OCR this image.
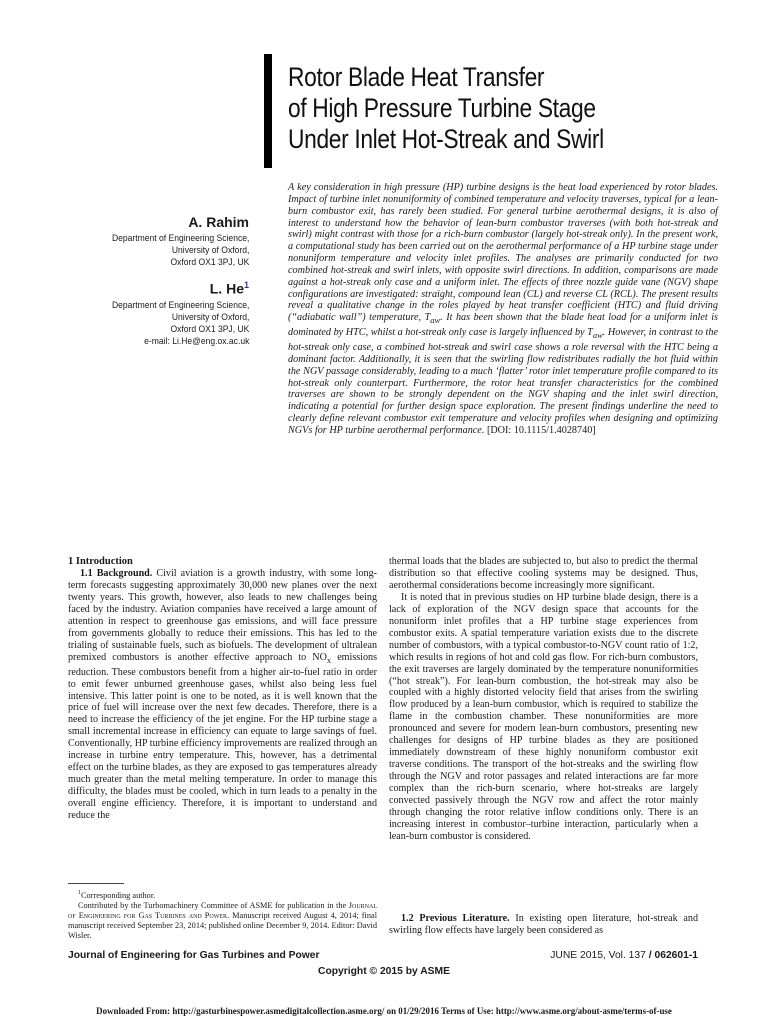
Rotor Blade Heat Transfer
of High Pressure Turbine Stage
Under Inlet Hot-Streak and Swirl
A. Rahim
Department of Engineering Science,
University of Oxford,
Oxford OX1 3PJ, UK
L. He$^1$
Department of Engineering Science,
University of Oxford,
Oxford OX1 3PJ, UK
e-mail: Li.He@eng.ox.ac.uk
A key consideration in high pressure (HP) turbine designs is the heat load experienced by rotor blades. Impact of turbine inlet nonuniformity of combined temperature and velocity traverses, typical for a lean-burn combustor exit, has rarely been studied. For general turbine aerothermal designs, it is also of interest to understand how the behavior of lean-burn combustor traverses (with both hot-streak and swirl) might contrast with those for a rich-burn combustor (largely hot-streak only). In the present work, a computational study has been carried out on the aerothermal performance of a HP turbine stage under nonuniform temperature and velocity inlet profiles. The analyses are primarily conducted for two combined hot-streak and swirl inlets, with opposite swirl directions. In addition, comparisons are made against a hot-streak only case and a uniform inlet. The effects of three nozzle guide vane (NGV) shape configurations are investigated: straight, compound lean (CL) and reverse CL (RCL). The present results reveal a qualitative change in the roles played by heat transfer coefficient (HTC) and fluid driving (“adiabatic wall”) temperature, $T_{aw}$. It has been shown that the blade heat load for a uniform inlet is dominated by HTC, whilst a hot-streak only case is largely influenced by $T_{aw}$. However, in contrast to the hot-streak only case, a combined hot-streak and swirl case shows a role reversal with the HTC being a dominant factor. Additionally, it is seen that the swirling flow redistributes radially the hot fluid within the NGV passage considerably, leading to a much ‘flatter’ rotor inlet temperature profile compared to its hot-streak only counterpart. Furthermore, the rotor heat transfer characteristics for the combined traverses are shown to be strongly dependent on the NGV shaping and the inlet swirl direction, indicating a potential for further design space exploration. The present findings underline the need to clearly define relevant combustor exit temperature and velocity profiles when designing and optimizing NGVs for HP turbine aerothermal performance. [DOI: 10.1115/1.4028740]

1 Introduction

1.1 Background. Civil aviation is a growth industry, with some long-term forecasts suggesting approximately 30,000 new planes over the next twenty years. This growth, however, also leads to new challenges being faced by the industry. Aviation companies have received a large amount of attention in respect to greenhouse gas emissions, and will face pressure from governments globally to reduce their emissions. This has led to the trialing of sustainable fuels, such as biofuels. The development of ultralean premixed combustors is another effective approach to $NO_x$ emissions reduction. These combustors benefit from a higher air-to-fuel ratio in order to emit fewer unburned greenhouse gases, whilst also being less fuel intensive. This latter point is one to be noted, as it is well known that the price of fuel will increase over the next few decades. Therefore, there is a need to increase the efficiency of the jet engine. For the HP turbine stage a small incremental increase in efficiency can equate to large savings of fuel. Conventionally, HP turbine efficiency improvements are realized through an increase in turbine entry temperature. This, however, has a detrimental effect on the turbine blades, as they are exposed to gas temperatures already much greater than the metal melting temperature. In order to manage this difficulty, the blades must be cooled, which in turn leads to a penalty in the overall engine efficiency. Therefore, it is important to understand and reduce the

thermal loads that the blades are subjected to, but also to predict the thermal distribution so that effective cooling systems may be designed. Thus, aerothermal considerations become increasingly more significant.

It is noted that in previous studies on HP turbine blade design, there is a lack of exploration of the NGV design space that accounts for the nonuniform inlet profiles that a HP turbine stage experiences from combustor exits. A spatial temperature variation exists due to the discrete number of combustors, with a typical combustor-to-NGV count ratio of 1:2, which results in regions of hot and cold gas flow. For rich-burn combustors, the exit traverses are largely dominated by the temperature nonuniformities (“hot streak”). For lean-burn combustion, the hot-streak may also be coupled with a highly distorted velocity field that arises from the swirling flow produced by a lean-burn combustor, which is required to stabilize the flame in the combustion chamber. These nonuniformities are more pronounced and severe for modern lean-burn combustors, presenting new challenges for designs of HP turbine blades as they are positioned immediately downstream of these highly nonuniform combustor exit traverse conditions. The transport of the hot-streaks and the swirling flow through the NGV and rotor passages and related interactions are far more complex than the rich-burn scenario, where hot-streaks are largely convected passively through the NGV row and affect the rotor mainly through changing the rotor relative inflow conditions only. There is an increasing interest in combustor–turbine interaction, particularly when a lean-burn combustor is considered.

1.2 Previous Literature. In existing open literature, hot-streak and swirling flow effects have largely been considered as

$^1$Corresponding author.

Contributed by the Turbomachinery Committee of ASME for publication in the Journal of Engineering for Gas Turbines and Power. Manuscript received August 4, 2014; final manuscript received September 23, 2014; published online December 9, 2014. Editor: David Wisler.

Journal of Engineering for Gas Turbines and Power	JUNE 2015, Vol. 137 / 062601-1
Copyright © 2015 by ASME
Downloaded From: http://gasturbinespower.asmedigitalcollection.asme.org/ on 01/29/2016 Terms of Use: http://www.asme.org/about-asme/terms-of-use
